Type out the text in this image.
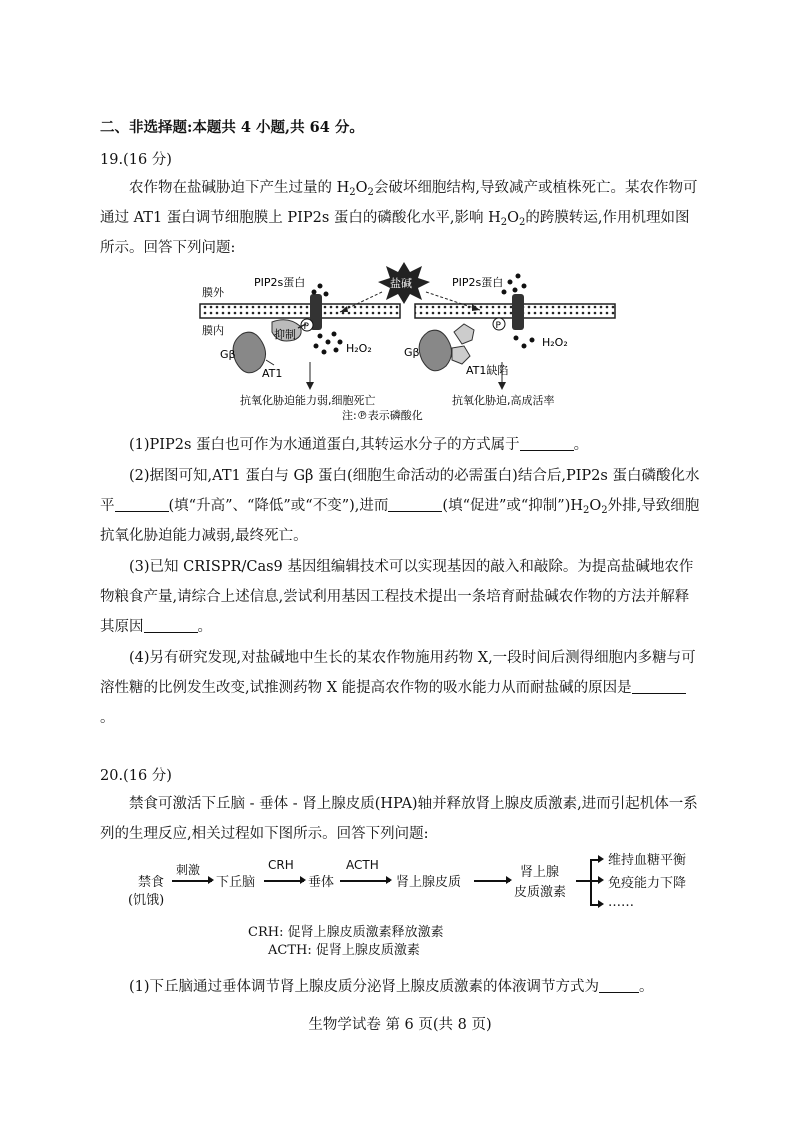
二、非选择题:本题共 4 小题,共 64 分。
19.(16 分)
农作物在盐碱胁迫下产生过量的 $H_2O_2$会破坏细胞结构,导致减产或植株死亡。某农作物可通过 AT1 蛋白调节细胞膜上 PIP2s 蛋白的磷酸化水平,影响 $H_2O_2$的跨膜转运,作用机理如图所示。回答下列问题:
膜外
膜内
PIP2s蛋白
P
盐碱	PIP2s蛋白
P
Gβ
AT1
抑制
H₂O₂	Gβ
AT1缺陷
H₂O₂
抗氧化胁迫能力弱,细胞死亡	抗氧化胁迫,高成活率
注:℗表示磷酸化
(1)PIP2s 蛋白也可作为水通道蛋白,其转运水分子的方式属于	。
(2)据图可知,AT1 蛋白与 Gβ 蛋白(细胞生命活动的必需蛋白)结合后,PIP2s 蛋白磷酸化水平	(填“升高”、“降低”或“不变”),进而	(填“促进”或“抑制$”)H_2O_2$外排,导致细胞抗氧化胁迫能力减弱,最终死亡。
(3)已知 CRISPR/Cas9 基因组编辑技术可以实现基因的敲入和敲除。为提高盐碱地农作物粮食产量,请综合上述信息,尝试利用基因工程技术提出一条培育耐盐碱农作物的方法并解释其原因	。
(4)另有研究发现,对盐碱地中生长的某农作物施用药物 X,一段时间后测得细胞内多糖与可溶性糖的比例发生改变,试推测药物 X 能提高农作物的吸水能力从而耐盐碱的原因是。
20.(16 分)
禁食可激活下丘脑 - 垂体 - 肾上腺皮质(HPA)轴并释放肾上腺皮质激素,进而引起机体一系列的生理反应,相关过程如下图所示。回答下列问题:
禁食
(饥饿)
刺激
下丘脑
CRH
垂体
ACTH
肾上腺皮质
肾上腺
皮质激素
维持血糖平衡
免疫能力下降
……
CRH: 促肾上腺皮质激素释放激素
ACTH: 促肾上腺皮质激素
(1)下丘脑通过垂体调节肾上腺皮质分泌肾上腺皮质激素的体液调节方式为	。
生物学试卷 第 6 页(共 8 页)
